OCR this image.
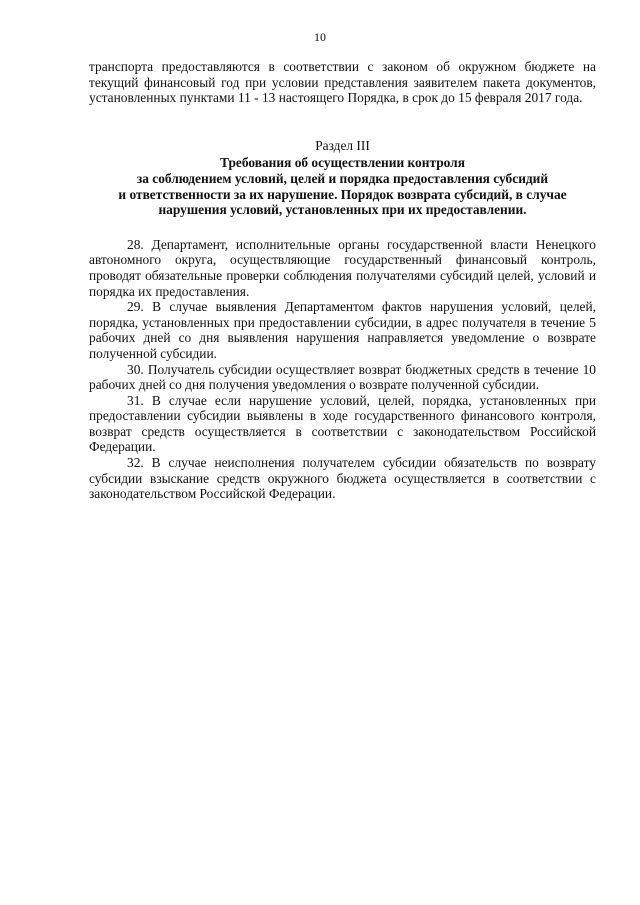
10

транспорта предоставляются в соответствии с законом об окружном бюджете на текущий финансовый год при условии представления заявителем пакета документов, установленных пунктами 11 - 13 настоящего Порядка, в срок до 15 февраля 2017 года.

Раздел III

Требования об осуществлении контроля
за соблюдением условий, целей и порядка предоставления субсидий
и ответственности за их нарушение. Порядок возврата субсидий, в случае
нарушения условий, установленных при их предоставлении.

28. Департамент, исполнительные органы государственной власти Ненецкого автономного округа, осуществляющие государственный финансовый контроль, проводят обязательные проверки соблюдения получателями субсидий целей, условий и порядка их предоставления.

29. В случае выявления Департаментом фактов нарушения условий, целей, порядка, установленных при предоставлении субсидии, в адрес получателя в течение 5 рабочих дней со дня выявления нарушения направляется уведомление о возврате полученной субсидии.

30. Получатель субсидии осуществляет возврат бюджетных средств в течение 10 рабочих дней со дня получения уведомления о возврате полученной субсидии.

31. В случае если нарушение условий, целей, порядка, установленных при предоставлении субсидии выявлены в ходе государственного финансового контроля, возврат средств осуществляется в соответствии с законодательством Российской Федерации.

32. В случае неисполнения получателем субсидии обязательств по возврату субсидии взыскание средств окружного бюджета осуществляется в соответствии с законодательством Российской Федерации.
